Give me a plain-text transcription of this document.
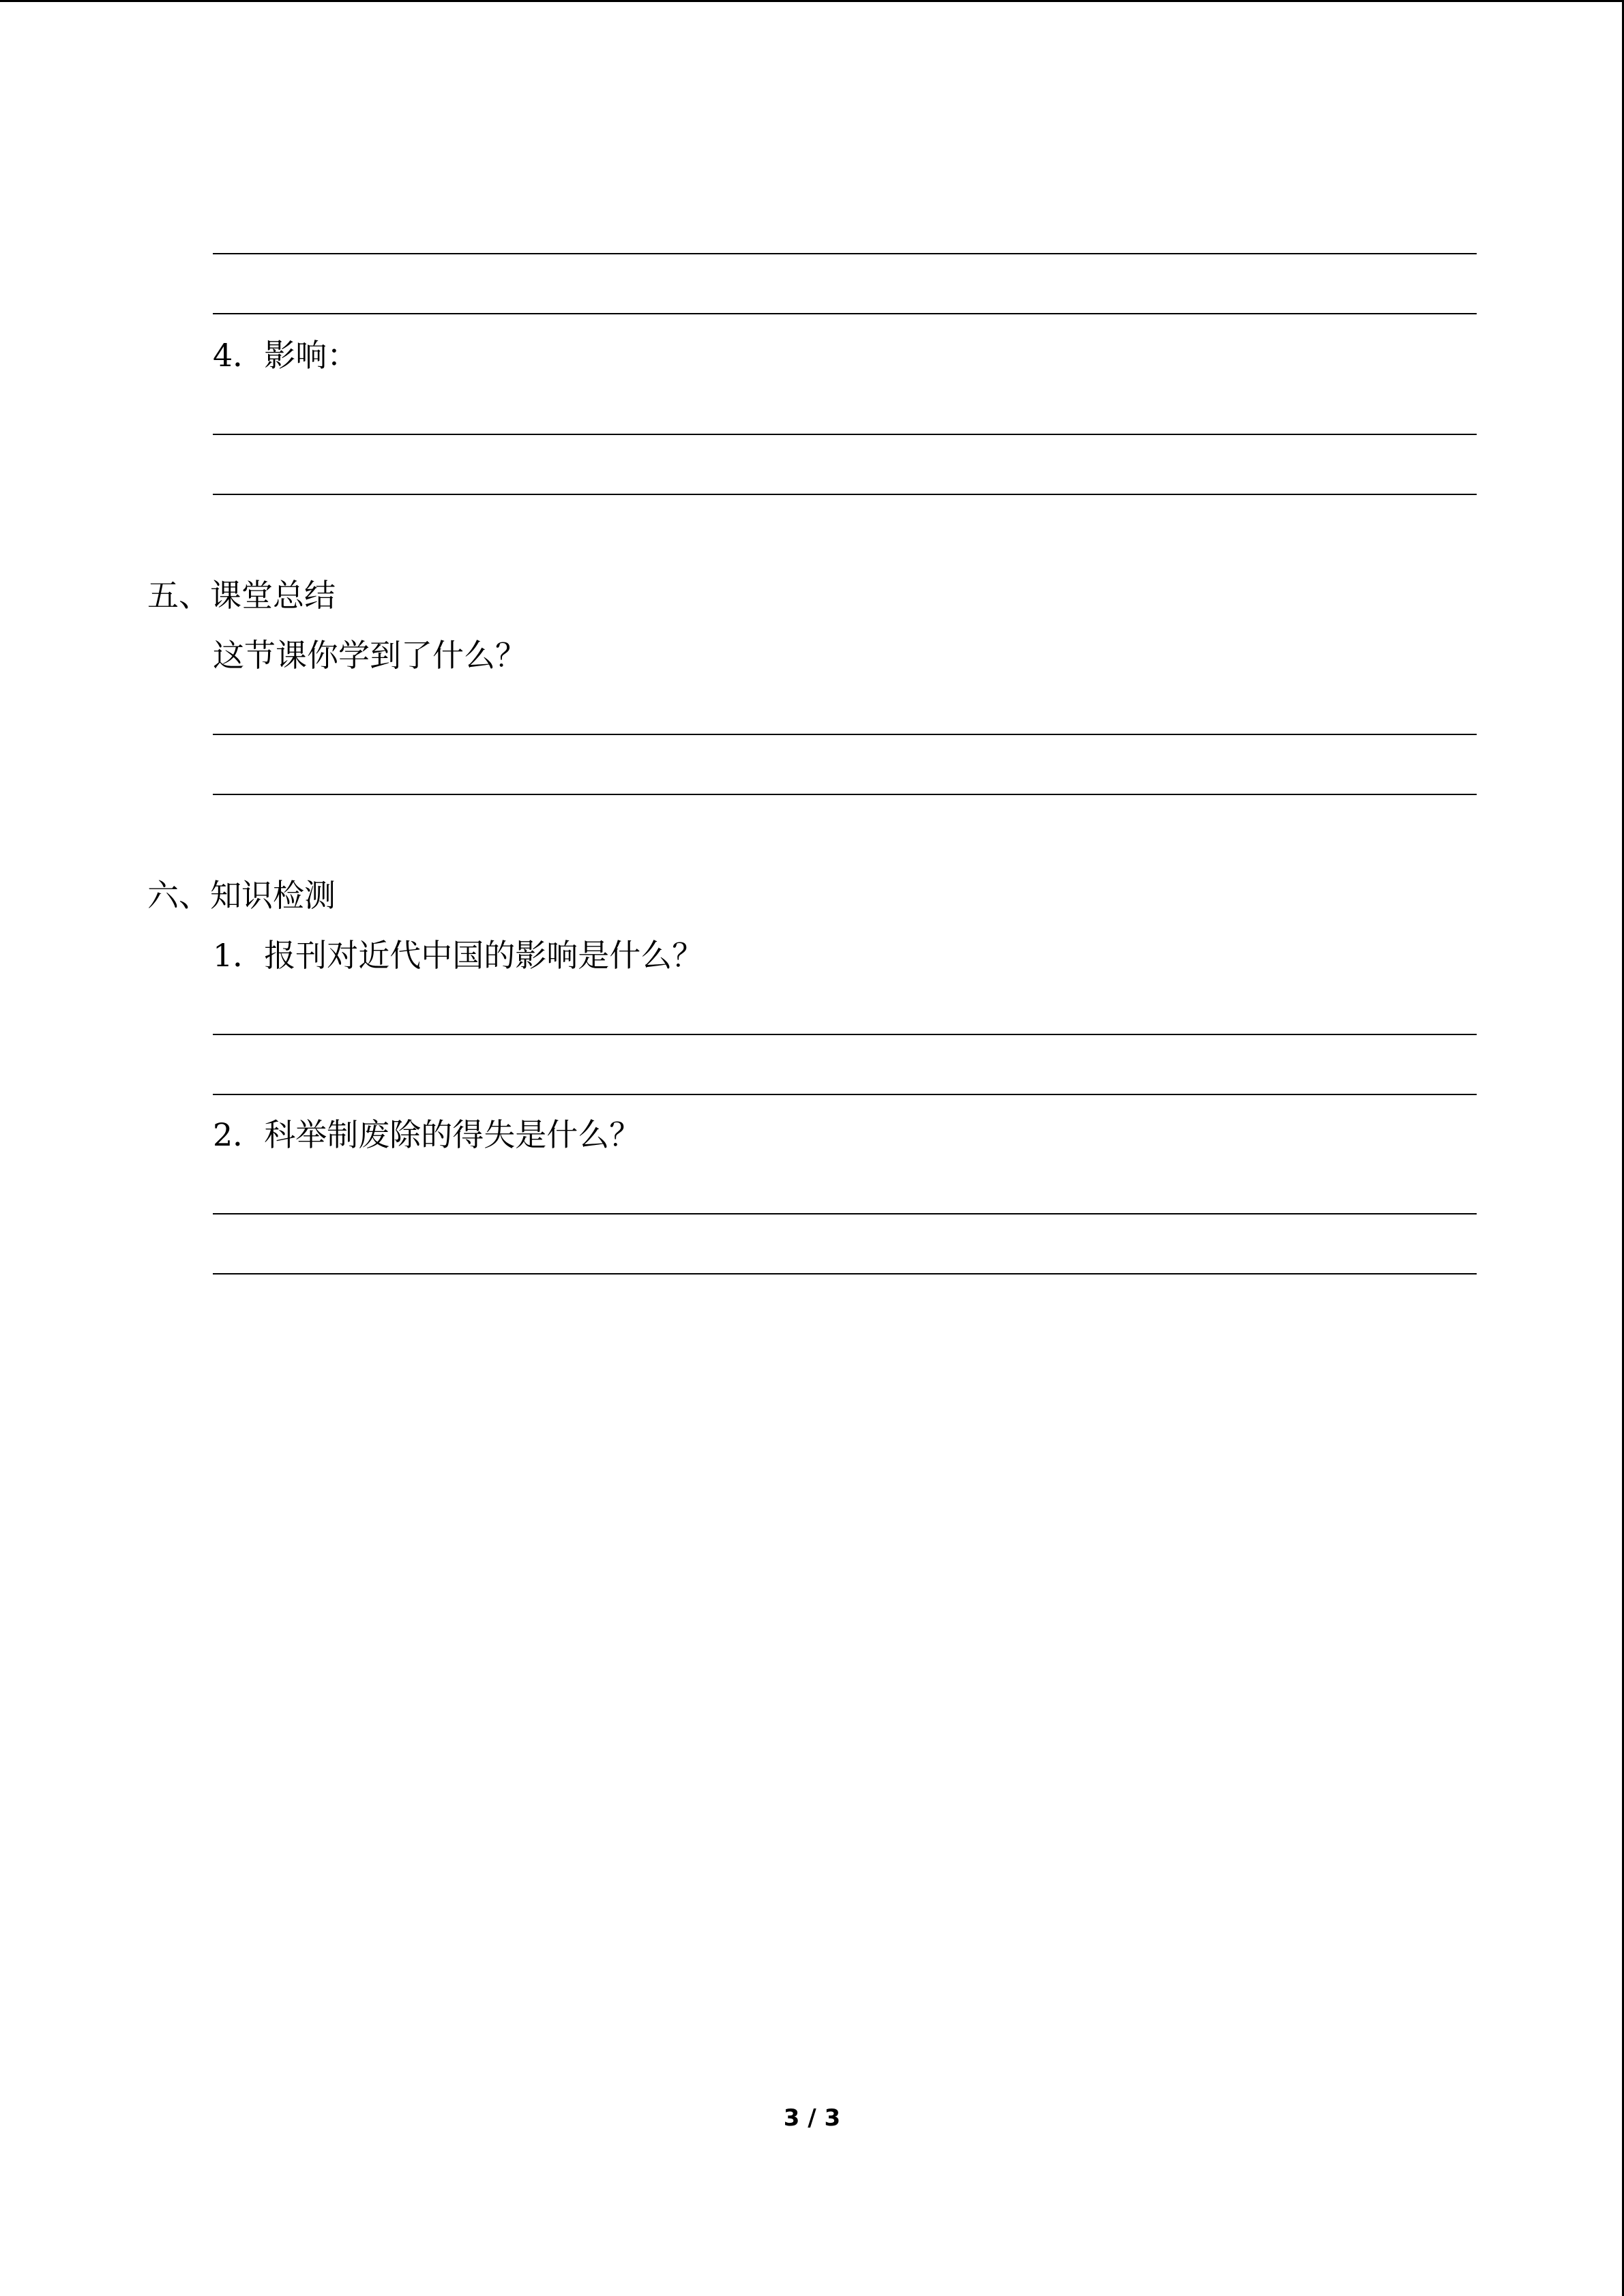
4．影响：
五、课堂总结
这节课你学到了什么？
六、知识检测
1．报刊对近代中国的影响是什么？
2．科举制废除的得失是什么？
3 / 3
